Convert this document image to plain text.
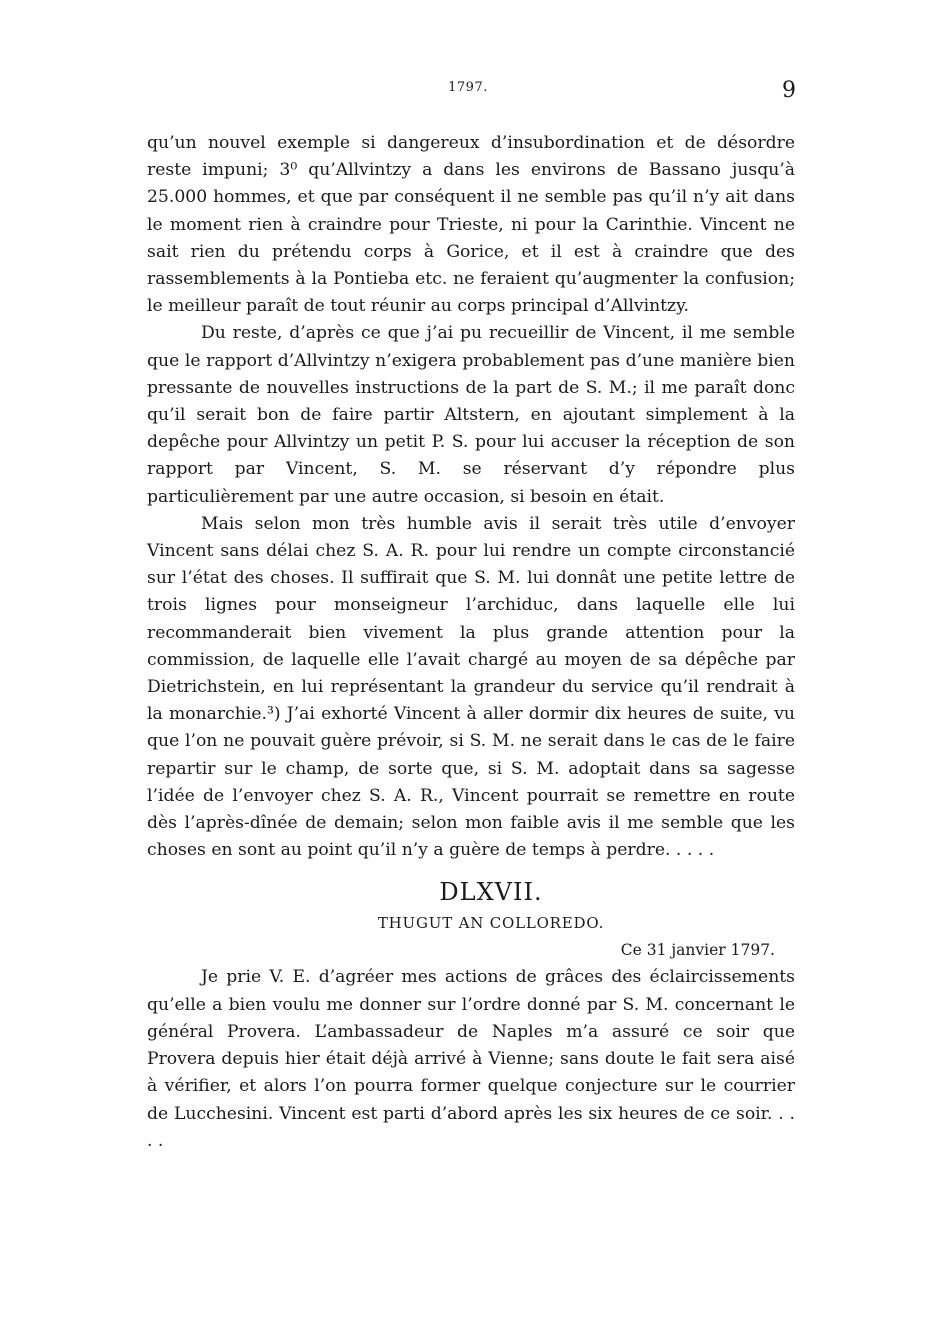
1797.	9

qu’un nouvel exemple si dangereux d’insubordination et de désordre reste impuni; 3⁰ qu’Allvintzy a dans les environs de Bassano jusqu’à 25.000 hommes, et que par conséquent il ne semble pas qu’il n’y ait dans le moment rien à craindre pour Trieste, ni pour la Carinthie. Vincent ne sait rien du prétendu corps à Gorice, et il est à craindre que des rassemblements à la Pontieba etc. ne feraient qu’augmenter la confusion; le meilleur paraît de tout réunir au corps principal d’Allvintzy.

Du reste, d’après ce que j’ai pu recueillir de Vincent, il me semble que le rapport d’Allvintzy n’exigera probablement pas d’une manière bien pressante de nouvelles instructions de la part de S. M.; il me paraît donc qu’il serait bon de faire partir Altstern, en ajoutant simplement à la depêche pour Allvintzy un petit P. S. pour lui accuser la réception de son rapport par Vincent, S. M. se réservant d’y répondre plus particulièrement par une autre occasion, si besoin en était.

Mais selon mon très humble avis il serait très utile d’envoyer Vincent sans délai chez S. A. R. pour lui rendre un compte circonstancié sur l’état des choses. Il suffirait que S. M. lui donnât une petite lettre de trois lignes pour monseigneur l’archiduc, dans laquelle elle lui recommanderait bien vivement la plus grande attention pour la commission, de laquelle elle l’avait chargé au moyen de sa dépêche par Dietrichstein, en lui représentant la grandeur du service qu’il rendrait à la monarchie.³) J’ai exhorté Vincent à aller dormir dix heures de suite, vu que l’on ne pouvait guère prévoir, si S. M. ne serait dans le cas de le faire repartir sur le champ, de sorte que, si S. M. adoptait dans sa sagesse l’idée de l’envoyer chez S. A. R., Vincent pourrait se remettre en route dès l’après-dînée de demain; selon mon faible avis il me semble que les choses en sont au point qu’il n’y a guère de temps à perdre. . . . .

DLXVII.
THUGUT AN COLLOREDO.
Ce 31 janvier 1797.

Je prie V. E. d’agréer mes actions de grâces des éclaircissements qu’elle a bien voulu me donner sur l’ordre donné par S. M. concernant le général Provera. L’ambassadeur de Naples m’a assuré ce soir que Provera depuis hier était déjà arrivé à Vienne; sans doute le fait sera aisé à vérifier, et alors l’on pourra former quelque conjecture sur le courrier de Lucchesini. Vincent est parti d’abord après les six heures de ce soir. . . . .
